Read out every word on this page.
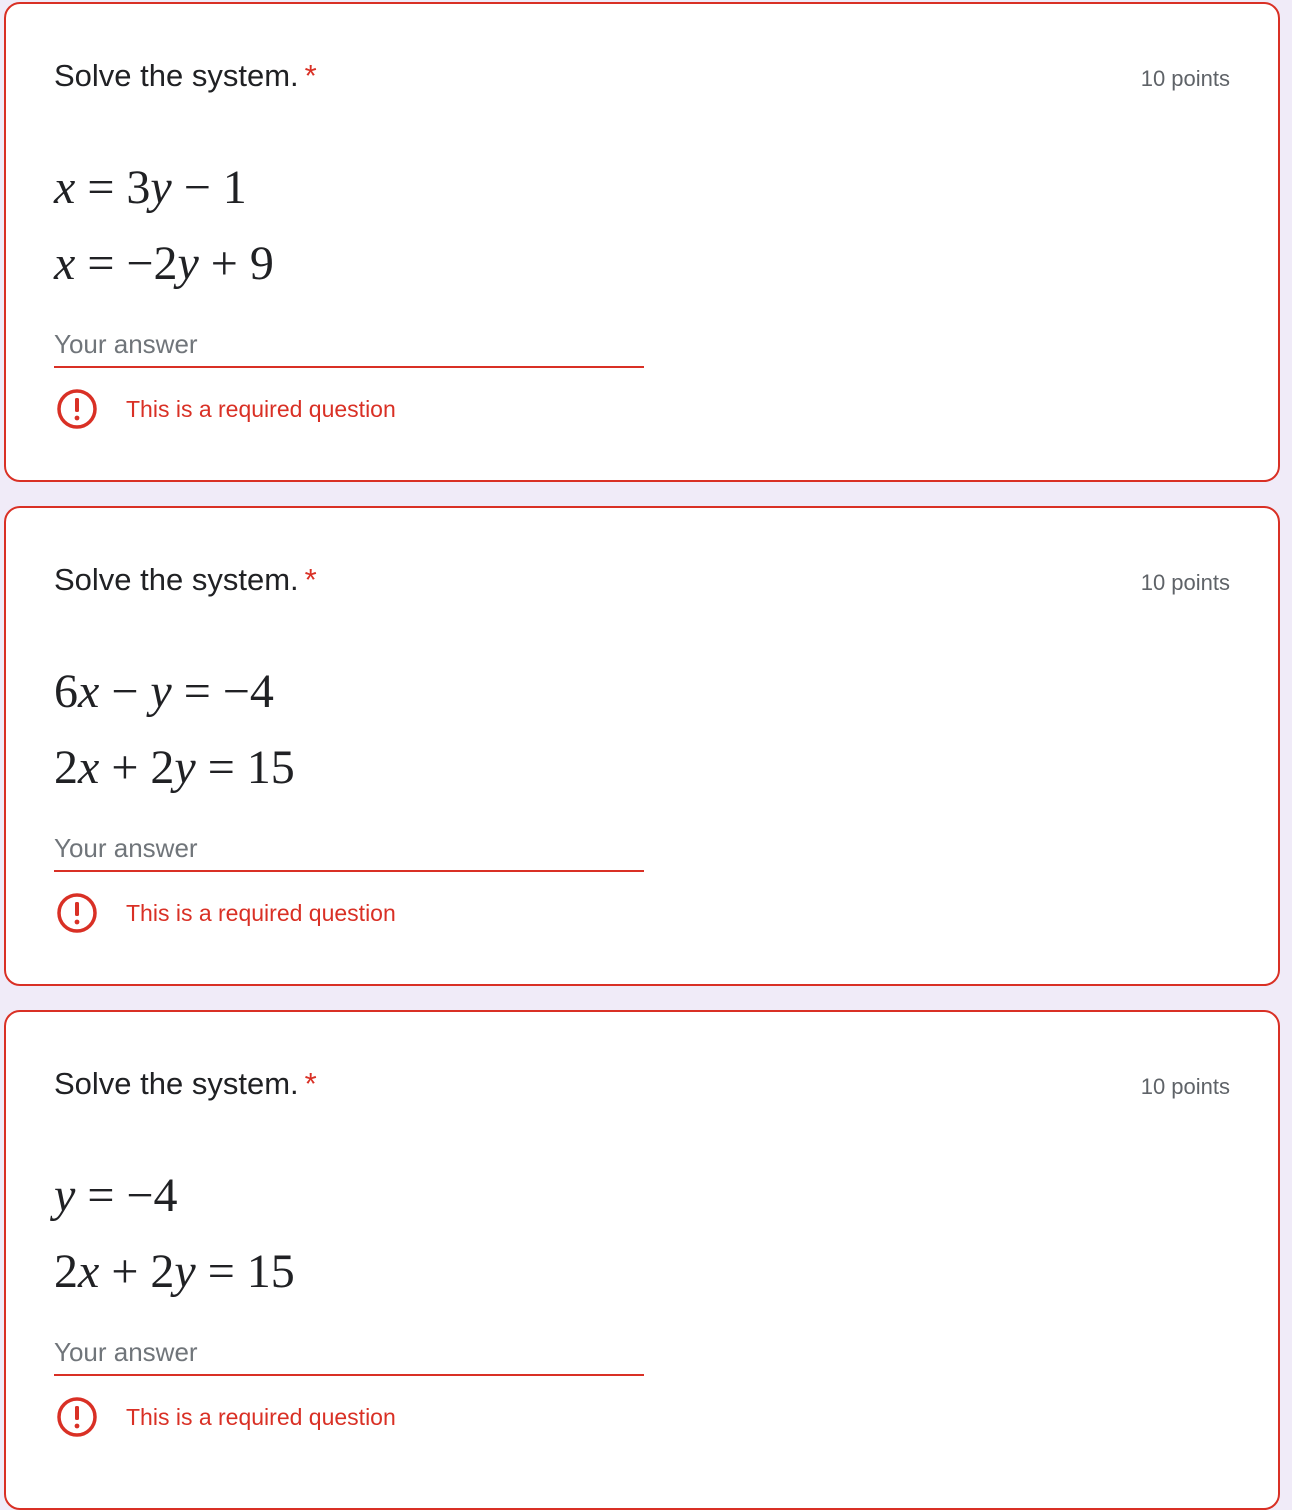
Solve the system. *	10 points
x = 3y − 1
x = −2y + 9
Your answer
This is a required question
Solve the system. *	10 points
6x − y = −4
2x + 2y = 15
Your answer
This is a required question
Solve the system. *	10 points
y = −4
2x + 2y = 15
Your answer
This is a required question
